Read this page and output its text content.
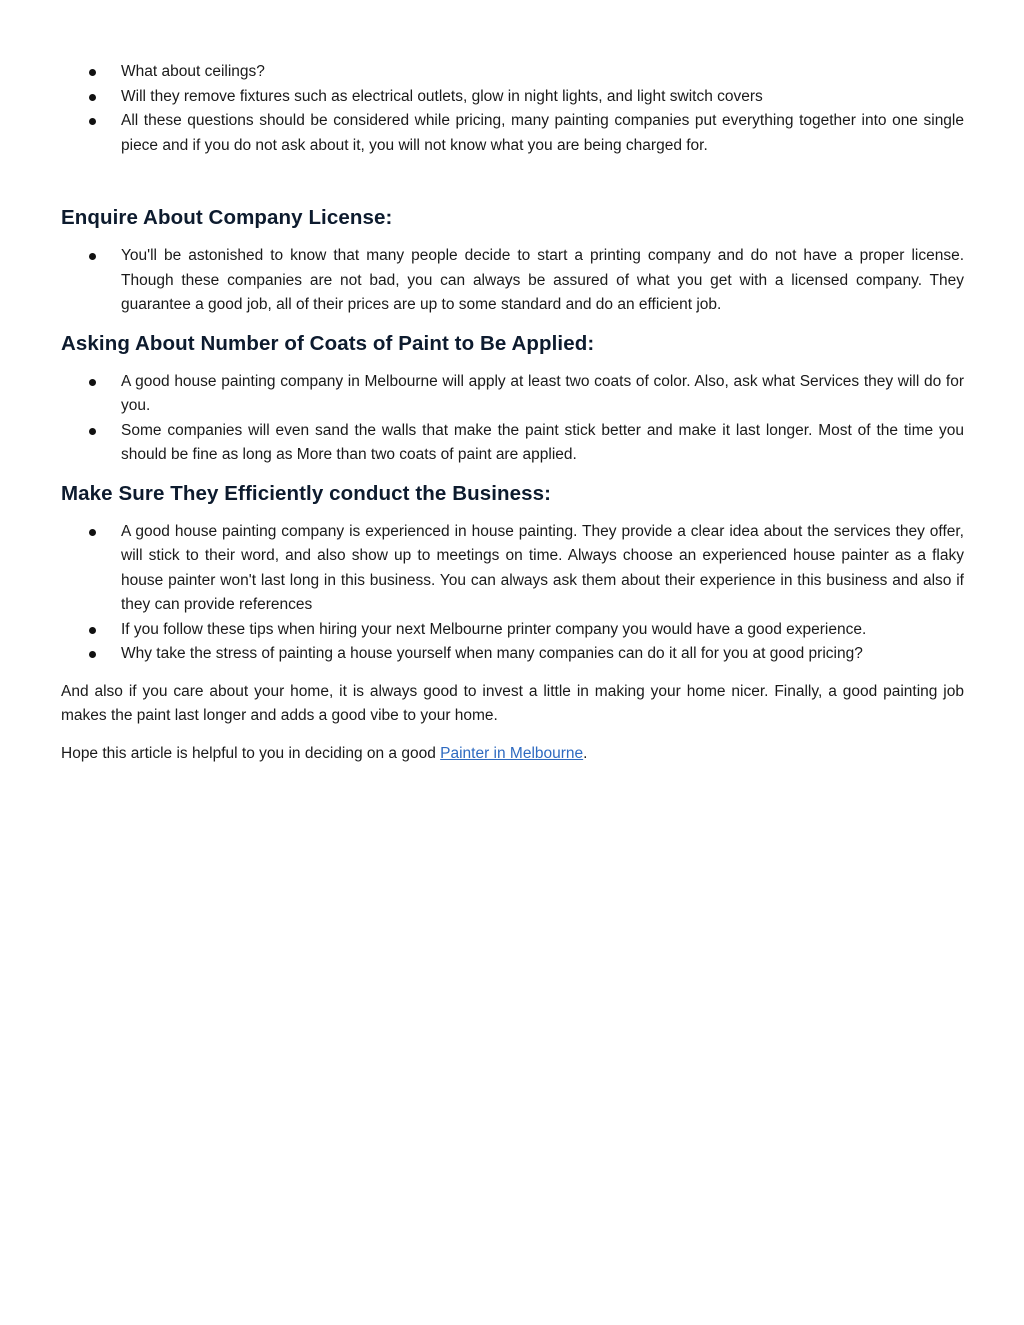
What about ceilings?
Will they remove fixtures such as electrical outlets, glow in night lights, and light switch covers
All these questions should be considered while pricing, many painting companies put everything together into one single piece and if you do not ask about it, you will not know what you are being charged for.
Enquire About Company License:
You'll be astonished to know that many people decide to start a printing company and do not have a proper license. Though these companies are not bad, you can always be assured of what you get with a licensed company. They guarantee a good job, all of their prices are up to some standard and do an efficient job.
Asking About Number of Coats of Paint to Be Applied:
A good house painting company in Melbourne will apply at least two coats of color. Also, ask what Services they will do for you.
Some companies will even sand the walls that make the paint stick better and make it last longer. Most of the time you should be fine as long as More than two coats of paint are applied.
Make Sure They Efficiently conduct the Business:
A good house painting company is experienced in house painting. They provide a clear idea about the services they offer, will stick to their word, and also show up to meetings on time. Always choose an experienced house painter as a flaky house painter won't last long in this business. You can always ask them about their experience in this business and also if they can provide references
If you follow these tips when hiring your next Melbourne printer company you would have a good experience.
Why take the stress of painting a house yourself when many companies can do it all for you at good pricing?

And also if you care about your home, it is always good to invest a little in making your home nicer. Finally, a good painting job makes the paint last longer and adds a good vibe to your home.

Hope this article is helpful to you in deciding on a good Painter in Melbourne.
